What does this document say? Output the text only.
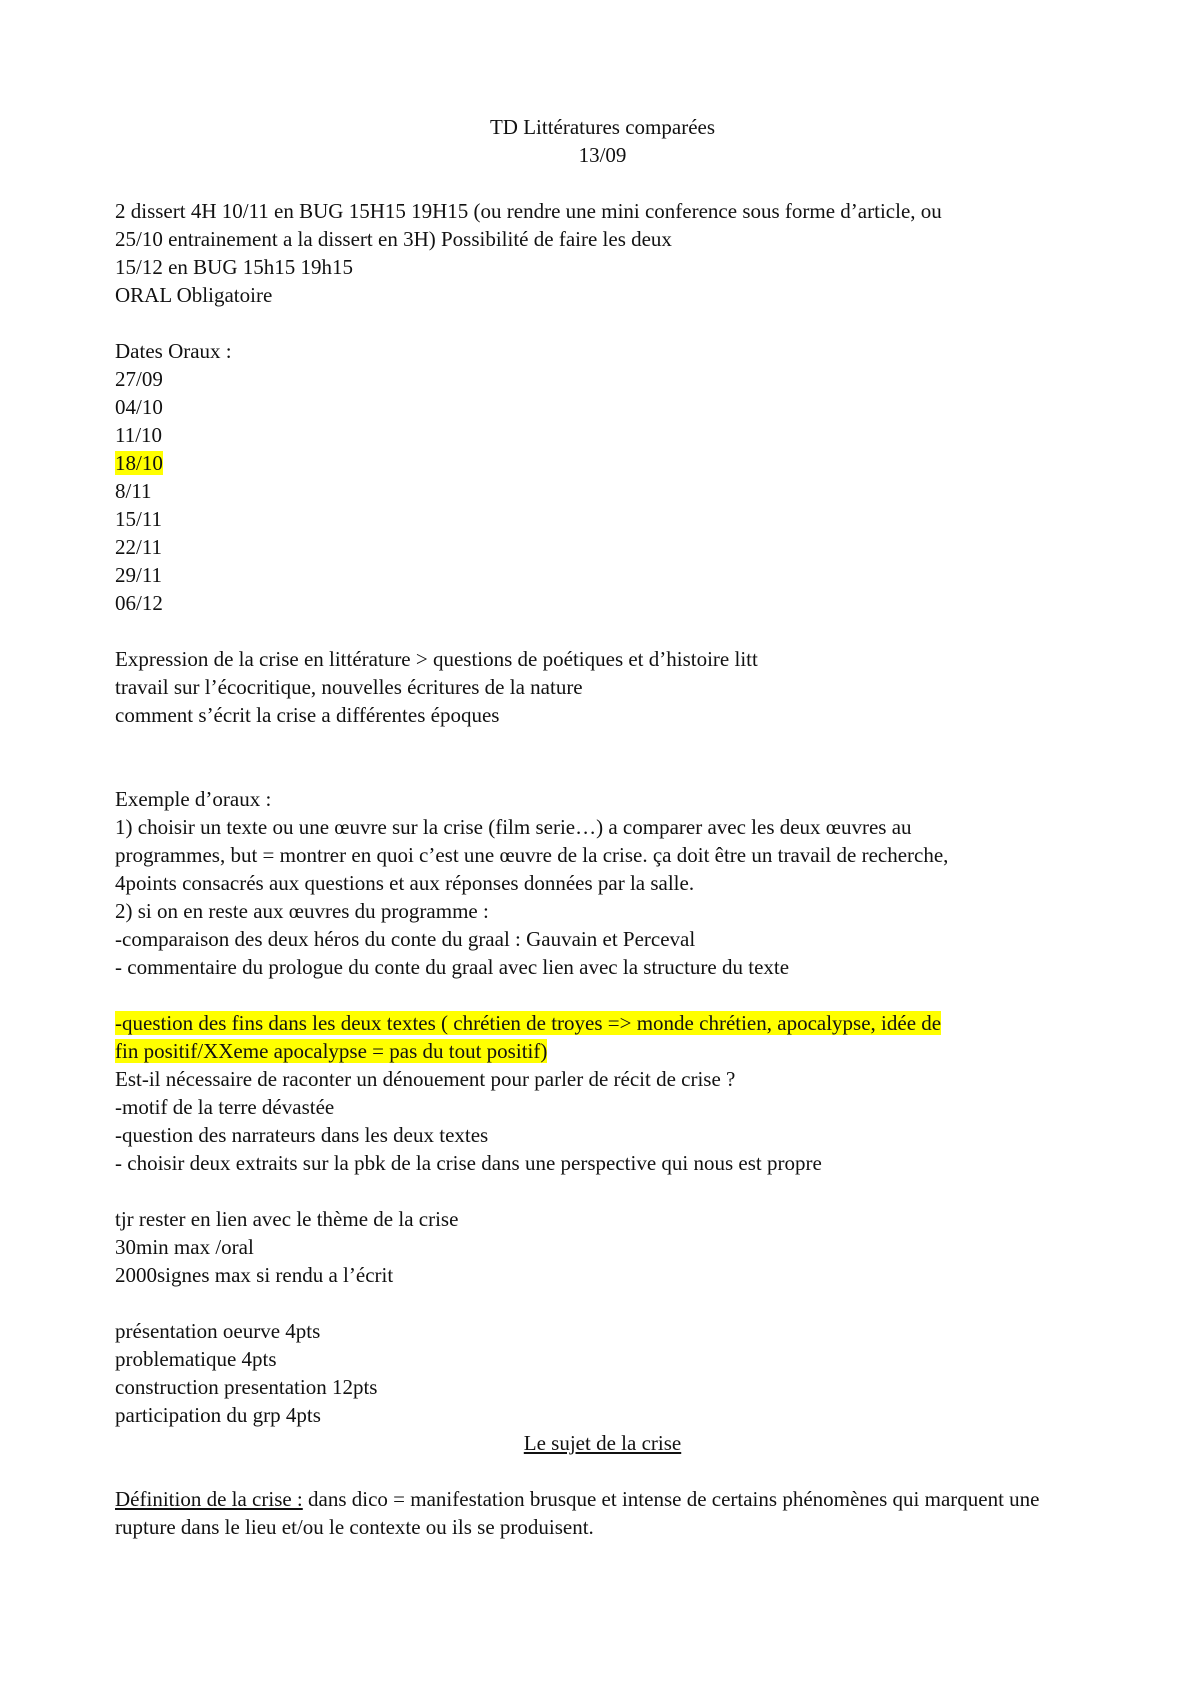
TD Littératures comparées
13/09
2 dissert 4H 10/11 en BUG 15H15 19H15 (ou rendre une mini conference sous forme d’article, ou
25/10 entrainement a la dissert en 3H) Possibilité de faire les deux
15/12 en BUG 15h15 19h15
ORAL Obligatoire
Dates Oraux :
27/09
04/10
11/10
18/10
8/11
15/11
22/11
29/11
06/12
Expression de la crise en littérature > questions de poétiques et d’histoire litt
travail sur l’écocritique, nouvelles écritures de la nature
comment s’écrit la crise a différentes époques
Exemple d’oraux :
1) choisir un texte ou une œuvre sur la crise (film serie…) a comparer avec les deux œuvres au
programmes, but = montrer en quoi c’est une œuvre de la crise. ça doit être un travail de recherche,
4points consacrés aux questions et aux réponses données par la salle.
2) si on en reste aux œuvres du programme :
-comparaison des deux héros du conte du graal : Gauvain et Perceval
- commentaire du prologue du conte du graal avec lien avec la structure du texte
-question des fins dans les deux textes ( chrétien de troyes => monde chrétien, apocalypse, idée de
fin positif/XXeme apocalypse = pas du tout positif)
Est-il nécessaire de raconter un dénouement pour parler de récit de crise ?
-motif de la terre dévastée
-question des narrateurs dans les deux textes
- choisir deux extraits sur la pbk de la crise dans une perspective qui nous est propre
tjr rester en lien avec le thème de la crise
30min max /oral
2000signes max si rendu a l’écrit
présentation oeurve 4pts
problematique 4pts
construction presentation 12pts
participation du grp 4pts
Le sujet de la crise
Définition de la crise : dans dico = manifestation brusque et intense de certains phénomènes qui marquent une rupture dans le lieu et/ou le contexte ou ils se produisent.
